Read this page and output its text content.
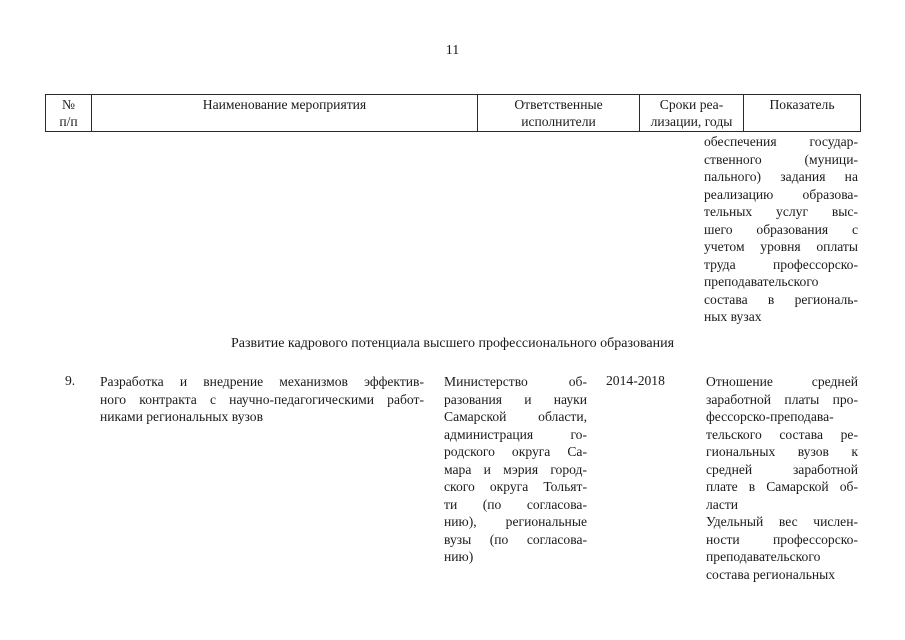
11
№
п/п
Наименование мероприятия	Ответственные
исполнители
Сроки реа-
лизации, годы
Показатель
обеспечения госудаp-
ственного (муници-
пального) задания на
реализацию образова-
тельных услуг выс-
шего образования с
учетом уровня оплаты
труда профессорско-
преподавательского
состава в региональ-
ных вузах
Развитие кадрового потенциала высшего профессионального образования
9. Разработка и внедрение механизмов эффектив-
ного контракта с научно-педагогическими работ-
никами региональных вузов
Министерство об-
разования и науки
Самарской области,
администрация го-
родского округа Са-
мара и мэрия город-
ского округа Тольят-
ти (по согласова-
нию), региональные
вузы (по согласова-
нию)
2014-2018	Отношение средней
заработной платы про-
фессорско-преподава-
тельского состава ре-
гиональных вузов к
средней заработной
плате в Самарской об-
ласти
Удельный вес числен-
ности профессорско-
преподавательского
состава региональных
